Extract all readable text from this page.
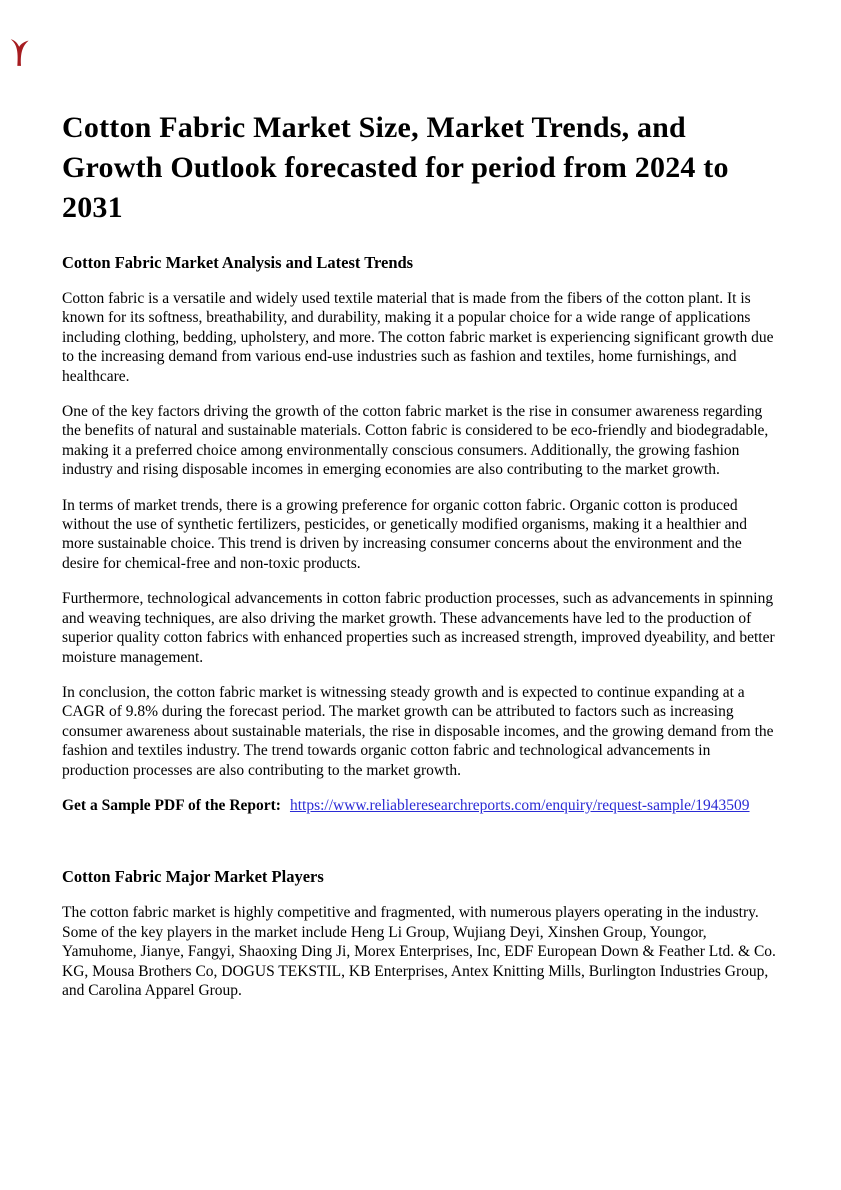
Cotton Fabric Market Size, Market Trends, and Growth Outlook forecasted for period from 2024 to 2031
Cotton Fabric Market Analysis and Latest Trends

Cotton fabric is a versatile and widely used textile material that is made from the fibers of the cotton plant. It is known for its softness, breathability, and durability, making it a popular choice for a wide range of applications including clothing, bedding, upholstery, and more. The cotton fabric market is experiencing significant growth due to the increasing demand from various end-use industries such as fashion and textiles, home furnishings, and healthcare.

One of the key factors driving the growth of the cotton fabric market is the rise in consumer awareness regarding the benefits of natural and sustainable materials. Cotton fabric is considered to be eco-friendly and biodegradable, making it a preferred choice among environmentally conscious consumers. Additionally, the growing fashion industry and rising disposable incomes in emerging economies are also contributing to the market growth.

In terms of market trends, there is a growing preference for organic cotton fabric. Organic cotton is produced without the use of synthetic fertilizers, pesticides, or genetically modified organisms, making it a healthier and more sustainable choice. This trend is driven by increasing consumer concerns about the environment and the desire for chemical-free and non-toxic products.

Furthermore, technological advancements in cotton fabric production processes, such as advancements in spinning and weaving techniques, are also driving the market growth. These advancements have led to the production of superior quality cotton fabrics with enhanced properties such as increased strength, improved dyeability, and better moisture management.

In conclusion, the cotton fabric market is witnessing steady growth and is expected to continue expanding at a CAGR of 9.8% during the forecast period. The market growth can be attributed to factors such as increasing consumer awareness about sustainable materials, the rise in disposable incomes, and the growing demand from the fashion and textiles industry. The trend towards organic cotton fabric and technological advancements in production processes are also contributing to the market growth.

Get a Sample PDF of the Report: https://www.reliableresearchreports.com/enquiry/request-sample/1943509

Cotton Fabric Major Market Players

The cotton fabric market is highly competitive and fragmented, with numerous players operating in the industry. Some of the key players in the market include Heng Li Group, Wujiang Deyi, Xinshen Group, Youngor, Yamuhome, Jianye, Fangyi, Shaoxing Ding Ji, Morex Enterprises, Inc, EDF European Down & Feather Ltd. & Co. KG, Mousa Brothers Co, DOGUS TEKSTIL, KB Enterprises, Antex Knitting Mills, Burlington Industries Group, and Carolina Apparel Group.
